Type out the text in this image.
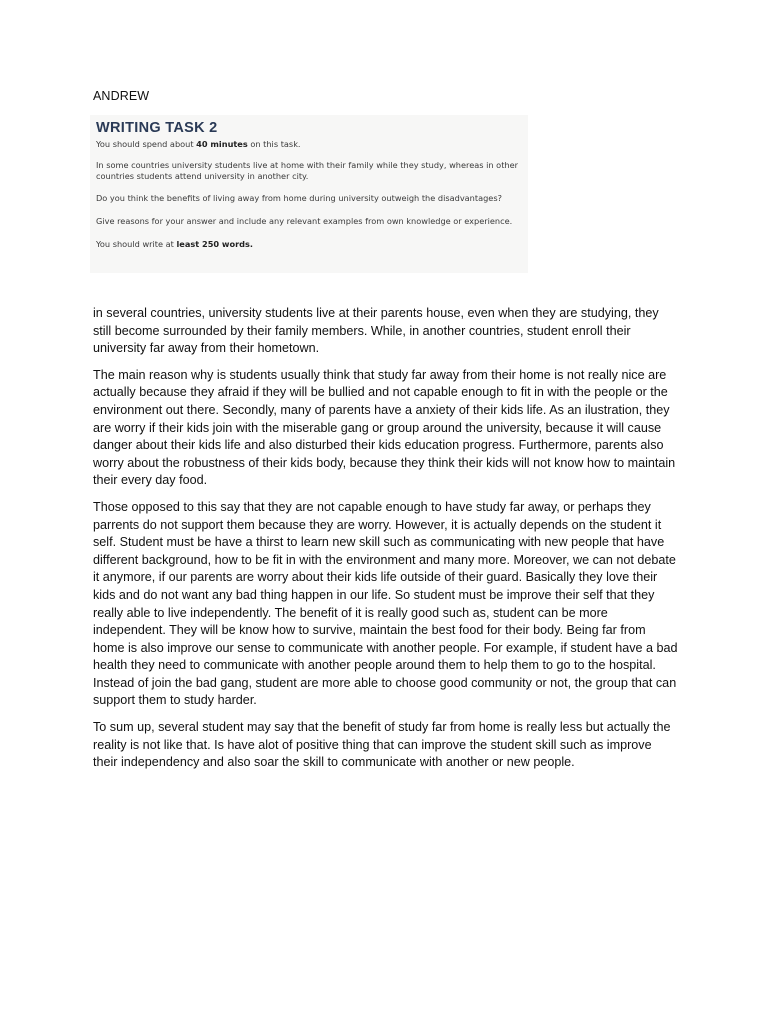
ANDREW

WRITING TASK 2

You should spend about 40 minutes on this task.

In some countries university students live at home with their family while they study, whereas in other

countries students attend university in another city.

Do you think the benefits of living away from home during university outweigh the disadvantages?

Give reasons for your answer and include any relevant examples from own knowledge or experience.

You should write at least 250 words.

in several countries, university students live at their parents house, even when they are studying, they still become surrounded by their family members. While, in another countries, student enroll their university far away from their hometown.

The main reason why is students usually think that study far away from their home is not really nice are actually because they afraid if they will be bullied and not capable enough to fit in with the people or the environment out there. Secondly, many of parents have a anxiety of their kids life. As an ilustration, they are worry if their kids join with the miserable gang or group around the university, because it will cause danger about their kids life and also disturbed their kids education progress. Furthermore, parents also worry about the robustness of their kids body, because they think their kids will not know how to maintain their every day food.

Those opposed to this say that they are not capable enough to have study far away, or perhaps they parrents do not support them because they are worry. However, it is actually depends on the student it self. Student must be have a thirst to learn new skill such as communicating with new people that have different background, how to be fit in with the environment and many more. Moreover, we can not debate it anymore, if our parents are worry about their kids life outside of their guard. Basically they love their kids and do not want any bad thing happen in our life. So student must be improve their self that they really able to live independently. The benefit of it is really good such as, student can be more independent. They will be know how to survive, maintain the best food for their body. Being far from home is also improve our sense to communicate with another people. For example, if student have a bad health they need to communicate with another people around them to help them to go to the hospital. Instead of join the bad gang, student are more able to choose good community or not, the group that can support them to study harder.

To sum up, several student may say that the benefit of study far from home is really less but actually the reality is not like that. Is have alot of positive thing that can improve the student skill such as improve their independency and also soar the skill to communicate with another or new people.
